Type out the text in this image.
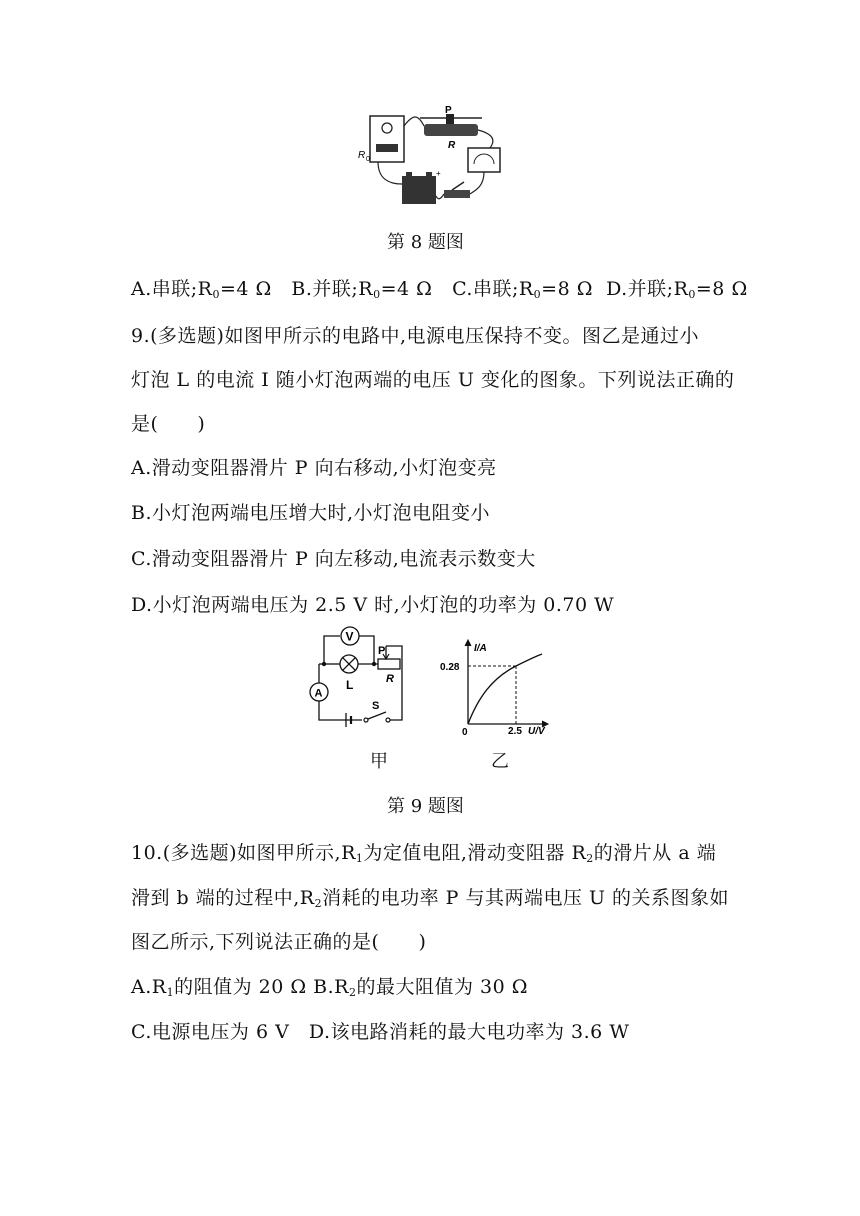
R 0
P
R
+
第 8 题图
A.串联$;R_0=4$ Ω B.并联$;R_0=4$ Ω C.串联$;R_0=8$ Ω D.并联$;R_0=8$ Ω
9.(多选题)如图甲所示的电路中,电源电压保持不变。图乙是通过小
灯泡 L 的电流 I 随小灯泡两端的电压 U 变化的图象。下列说法正确的
是(　　)
A.滑动变阻器滑片 P 向右移动,小灯泡变亮
B.小灯泡两端电压增大时,小灯泡电阻变小
C.滑动变阻器滑片 P 向左移动,电流表示数变大
D.小灯泡两端电压为 2.5 V 时,小灯泡的功率为 0.70 W
V
L
P
R
A
S
I/A
U/V
0
0.28
2.5
甲	乙
第 9 题图
10.(多选题)如图甲所示$,R_1$为定值电阻,滑动变阻器 $R_2$的滑片从 a 端
滑到 b 端的过程中$,R_2$消耗的电功率 P 与其两端电压 U 的关系图象如
图乙所示,下列说法正确的是(　　)
$A.R_1$的阻值为 20 Ω $B.R_2$的最大阻值为 30 Ω
C.电源电压为 6 V D.该电路消耗的最大电功率为 3.6 W
